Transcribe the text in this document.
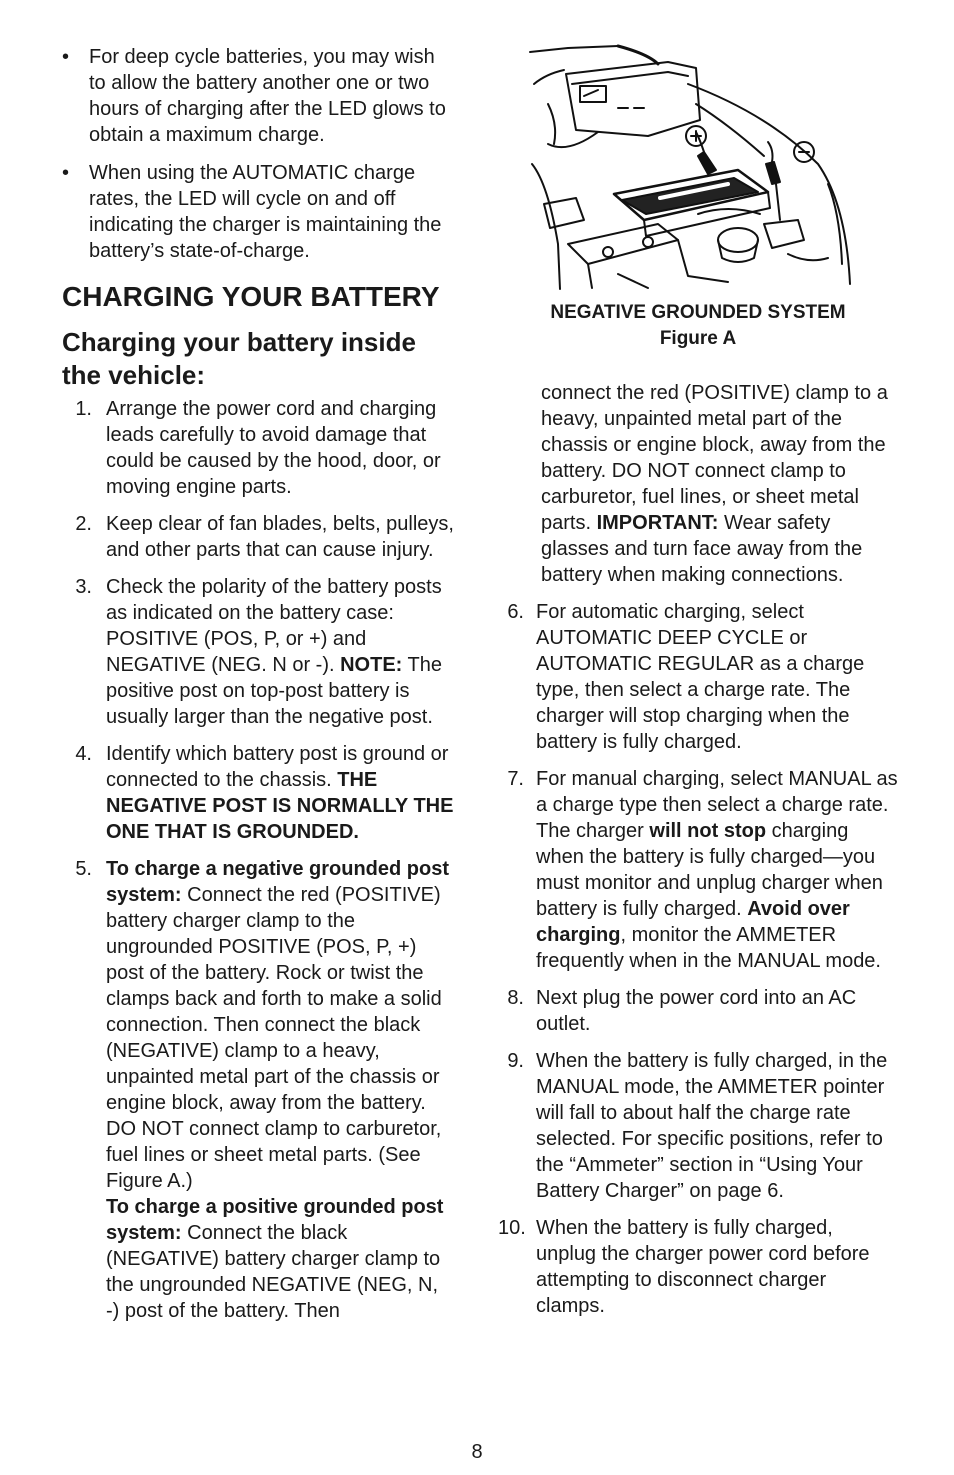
• For deep cycle batteries, you may wish to allow the battery another one or two hours of charging after the LED glows to obtain a maximum charge.
• When using the AUTOMATIC charge rates, the LED will cycle on and off indicating the charger is maintaining the battery’s state-of-charge.
CHARGING YOUR BATTERY
Charging your battery inside the vehicle:
1. Arrange the power cord and charging leads carefully to avoid damage that could be caused by the hood, door, or moving engine parts.
2. Keep clear of fan blades, belts, pulleys, and other parts that can cause injury.
3. Check the polarity of the battery posts as indicated on the battery case: POSITIVE (POS, P, or +) and NEGATIVE (NEG. N or -). NOTE: The positive post on top-post battery is usually larger than the negative post.
4. Identify which battery post is ground or connected to the chassis. THE NEGATIVE POST IS NORMALLY THE ONE THAT IS GROUNDED.
5. To charge a negative grounded post system: Connect the red (POSITIVE) battery charger clamp to the ungrounded POSITIVE (POS, P, +) post of the battery. Rock or twist the clamps back and forth to make a solid connection. Then connect the black (NEGATIVE) clamp to a heavy, unpainted metal part of the chassis or engine block, away from the battery. DO NOT connect clamp to carburetor, fuel lines or sheet metal parts. (See Figure A.)
To charge a positive grounded post system: Connect the black (NEGATIVE) battery charger clamp to the ungrounded NEGATIVE (NEG, N, -) post of the battery. Then
NEGATIVE GROUNDED SYSTEM
Figure A
connect the red (POSITIVE) clamp to a heavy, unpainted metal part of the chassis or engine block, away from the battery. DO NOT connect clamp to carburetor, fuel lines, or sheet metal parts. IMPORTANT: Wear safety glasses and turn face away from the battery when making connections.
6. For automatic charging, select AUTOMATIC DEEP CYCLE or AUTOMATIC REGULAR as a charge type, then select a charge rate. The charger will stop charging when the battery is fully charged.
7. For manual charging, select MANUAL as a charge type then select a charge rate. The charger will not stop charging when the battery is fully charged—you must monitor and unplug charger when battery is fully charged. Avoid over charging, monitor the AMMETER frequently when in the MANUAL mode.
8. Next plug the power cord into an AC outlet.
9. When the battery is fully charged, in the MANUAL mode, the AMMETER pointer will fall to about half the charge rate selected. For specific positions, refer to the “Ammeter” section in “Using Your Battery Charger” on page 6.
10. When the battery is fully charged, unplug the charger power cord before attempting to disconnect charger clamps.
8
